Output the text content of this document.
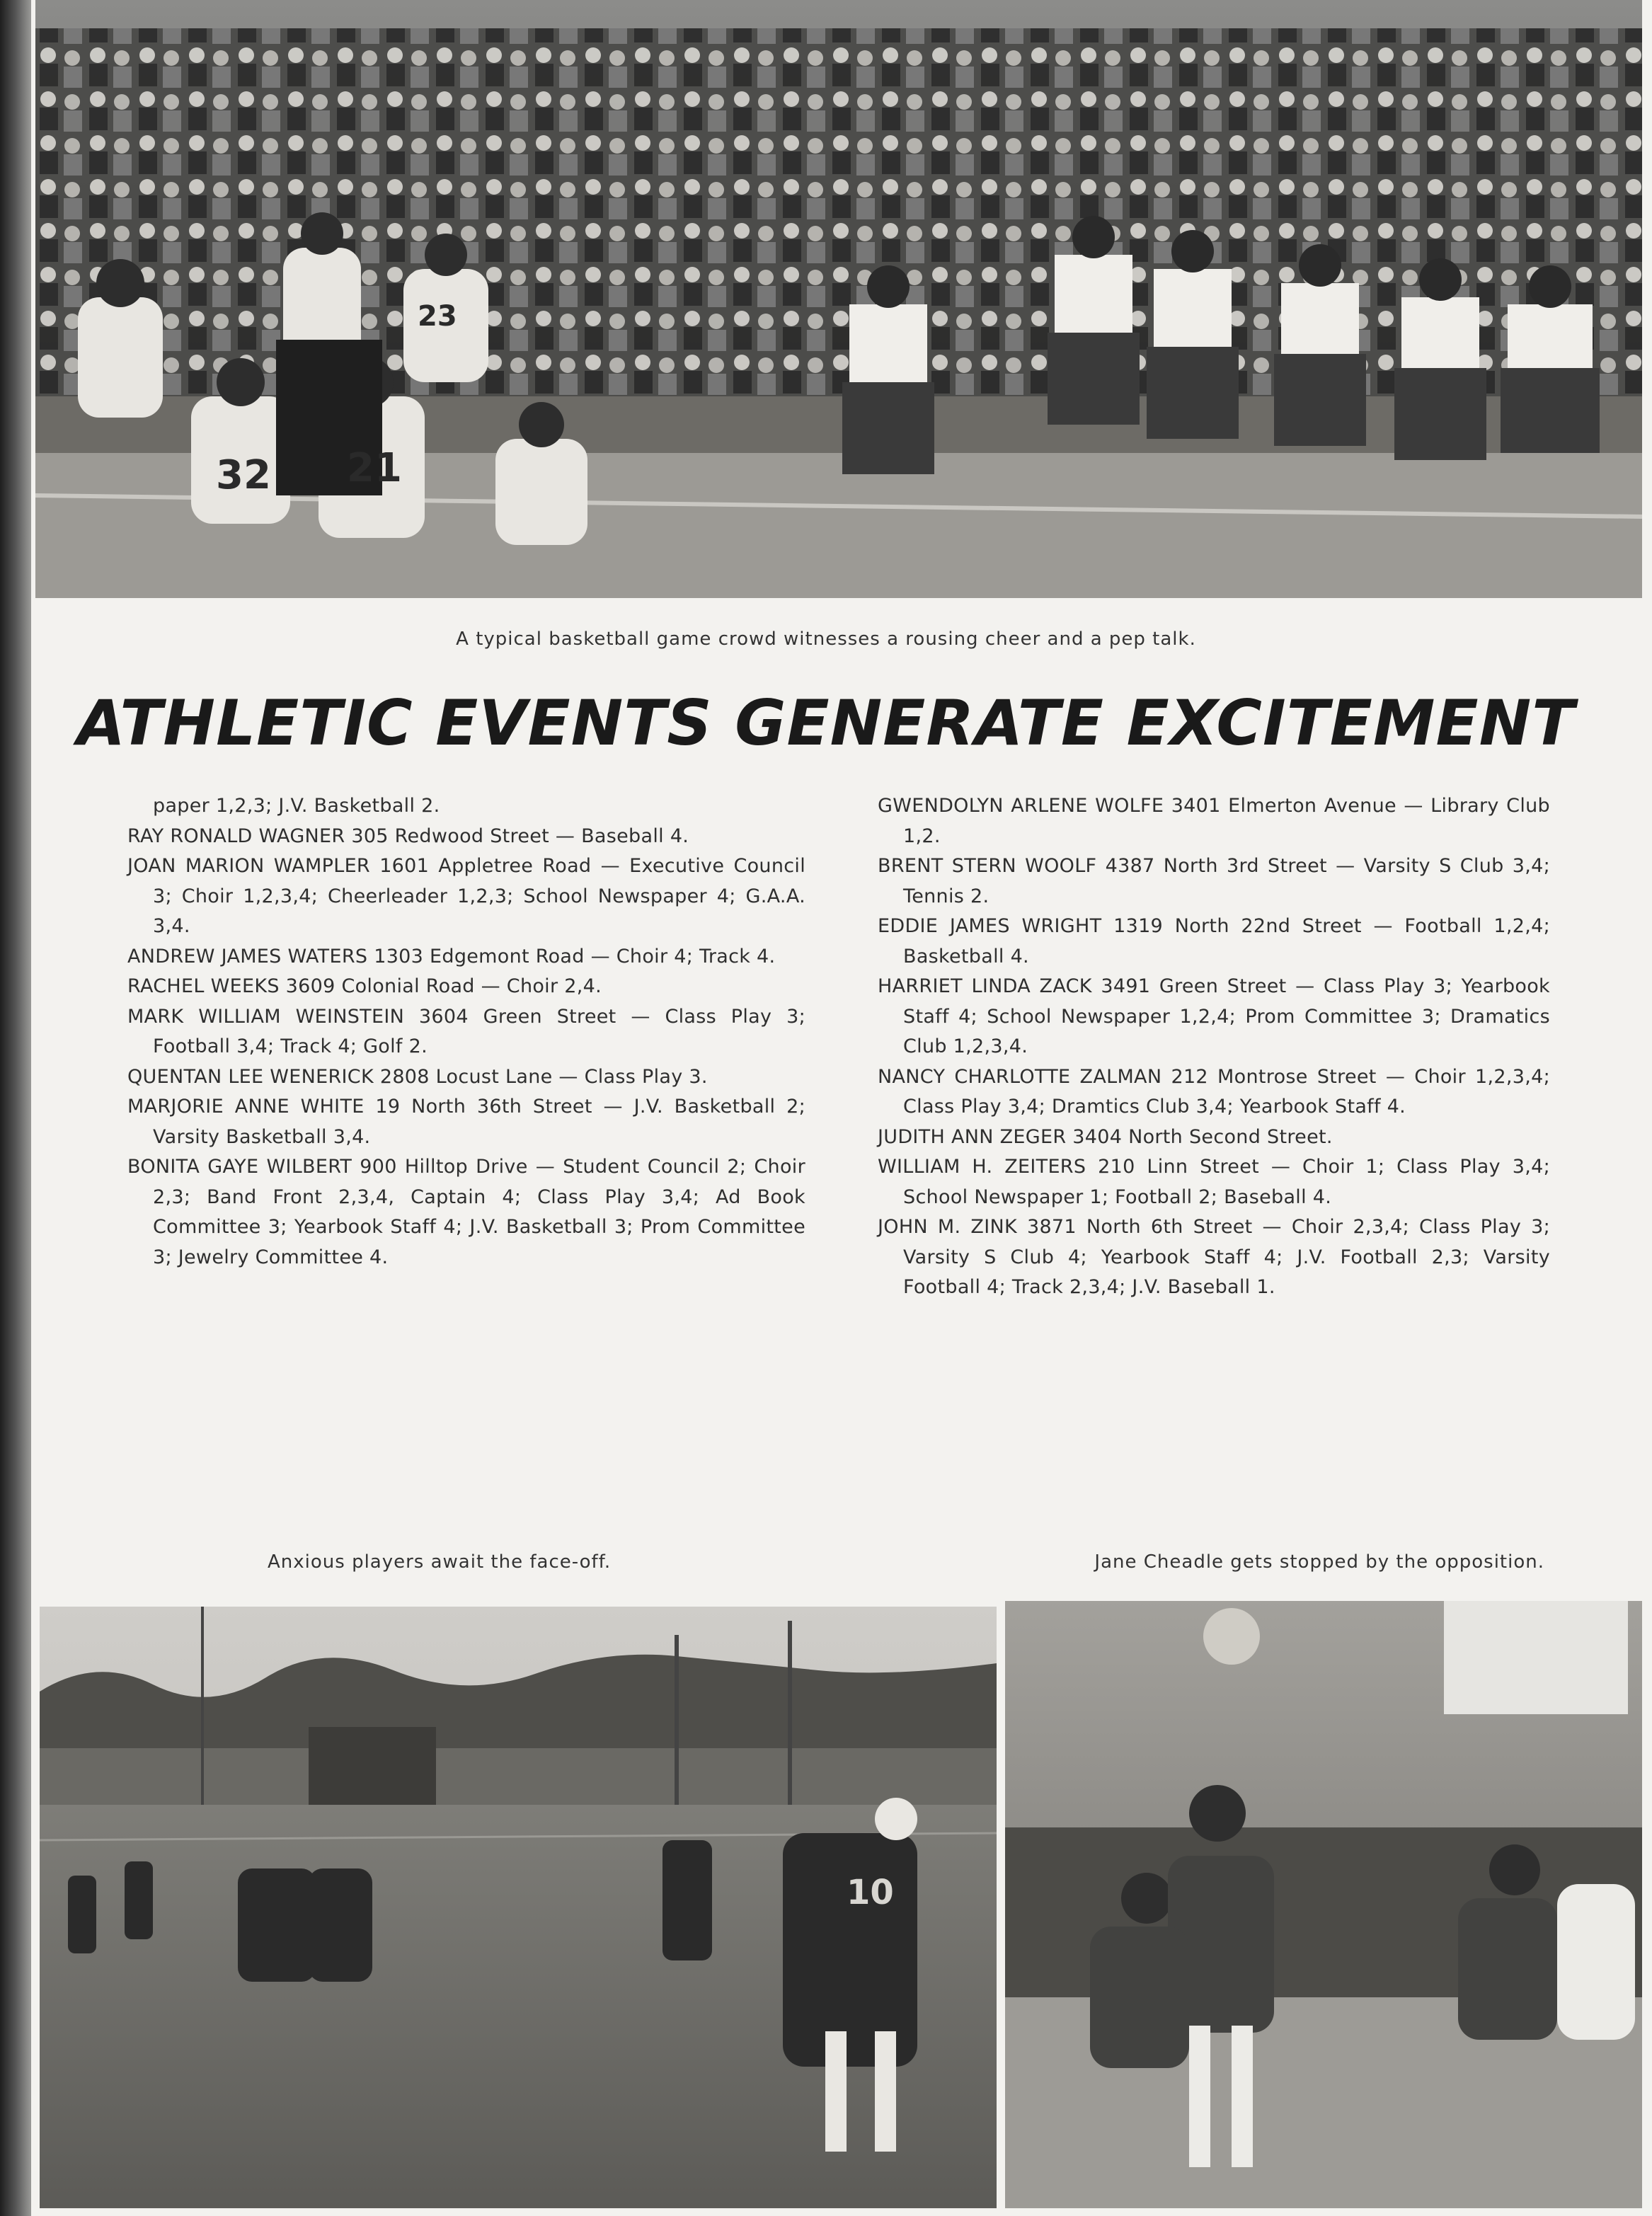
32 21
23
A typical basketball game crowd witnesses a rousing cheer and a pep talk.
ATHLETIC EVENTS GENERATE EXCITEMENT

paper 1,2,3; J.V. Basketball 2.

RAY RONALD WAGNER 305 Redwood Street — Baseball 4.

JOAN MARION WAMPLER 1601 Appletree Road — Executive Council 3; Choir 1,2,3,4; Cheerleader 1,2,3; School Newspaper 4; G.A.A. 3,4.

ANDREW JAMES WATERS 1303 Edgemont Road — Choir 4; Track 4.

RACHEL WEEKS 3609 Colonial Road — Choir 2,4.

MARK WILLIAM WEINSTEIN 3604 Green Street — Class Play 3; Football 3,4; Track 4; Golf 2.

QUENTAN LEE WENERICK 2808 Locust Lane — Class Play 3.

MARJORIE ANNE WHITE 19 North 36th Street — J.V. Basketball 2; Varsity Basketball 3,4.

BONITA GAYE WILBERT 900 Hilltop Drive — Student Council 2; Choir 2,3; Band Front 2,3,4, Captain 4; Class Play 3,4; Ad Book Committee 3; Yearbook Staff 4; J.V. Basketball 3; Prom Committee 3; Jewelry Committee 4.

GWENDOLYN ARLENE WOLFE 3401 Elmerton Avenue — Library Club 1,2.

BRENT STERN WOOLF 4387 North 3rd Street — Varsity S Club 3,4; Tennis 2.

EDDIE JAMES WRIGHT 1319 North 22nd Street — Football 1,2,4; Basketball 4.

HARRIET LINDA ZACK 3491 Green Street — Class Play 3; Yearbook Staff 4; School Newspaper 1,2,4; Prom Committee 3; Dramatics Club 1,2,3,4.

NANCY CHARLOTTE ZALMAN 212 Montrose Street — Choir 1,2,3,4; Class Play 3,4; Dramtics Club 3,4; Yearbook Staff 4.

JUDITH ANN ZEGER 3404 North Second Street.

WILLIAM H. ZEITERS 210 Linn Street — Choir 1; Class Play 3,4; School Newspaper 1; Football 2; Baseball 4.

JOHN M. ZINK 3871 North 6th Street — Choir 2,3,4; Class Play 3; Varsity S Club 4; Yearbook Staff 4; J.V. Football 2,3; Varsity Football 4; Track 2,3,4; J.V. Baseball 1.

Anxious players await the face-off.	Jane Cheadle gets stopped by the opposition.
10
